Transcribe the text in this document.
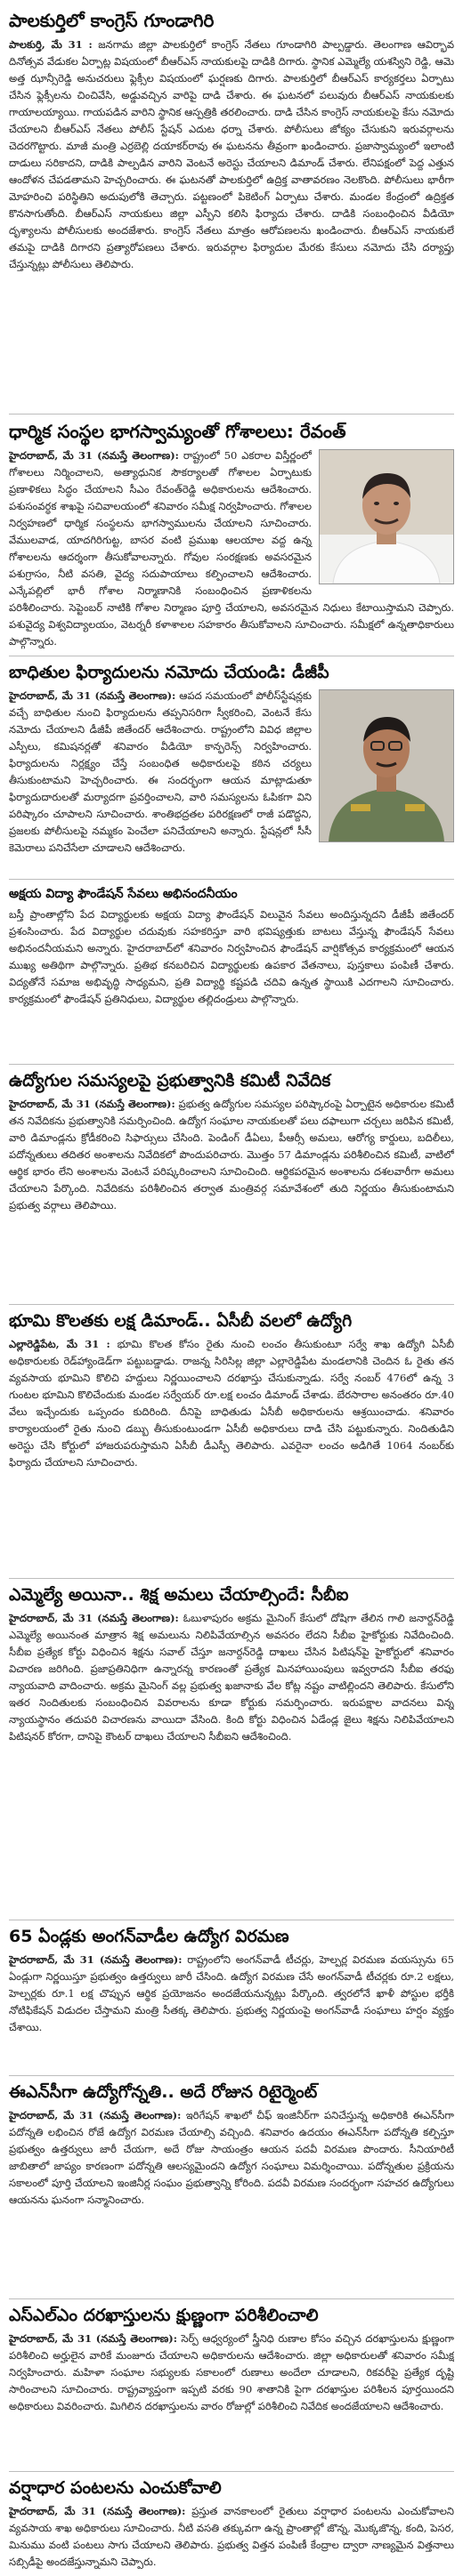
పాలకుర్తిలో కాంగ్రెస్ గూండాగిరి

పాలకుర్తి, మే 31 : జనగామ జిల్లా పాలకుర్తిలో కాంగ్రెస్ నేతలు గూండాగిరి పాల్పడ్డారు. తెలంగాణ ఆవిర్భావ దినోత్సవ వేడుకల ఏర్పాట్ల విషయంలో బీఆర్‌ఎస్ నాయకులపై దాడికి దిగారు. స్థానిక ఎమ్మెల్యే యశస్విని రెడ్డి, ఆమె అత్త ఝాన్సీరెడ్డి అనుచరులు ఫ్లెక్సీల విషయంలో ఘర్షణకు దిగారు. పాలకుర్తిలో బీఆర్‌ఎస్ కార్యకర్తలు ఏర్పాటు చేసిన ఫ్లెక్సీలను చించివేసి, అడ్డువచ్చిన వారిపై దాడి చేశారు. ఈ ఘటనలో పలువురు బీఆర్‌ఎస్ నాయకులకు గాయాలయ్యాయి. గాయపడిన వారిని స్థానిక ఆస్పత్రికి తరలించారు. దాడి చేసిన కాంగ్రెస్ నాయకులపై కేసు నమోదు చేయాలని బీఆర్‌ఎస్ నేతలు పోలీస్ స్టేషన్ ఎదుట ధర్నా చేశారు. పోలీసులు జోక్యం చేసుకుని ఇరువర్గాలను చెదరగొట్టారు. మాజీ మంత్రి ఎర్రబెల్లి దయాకర్‌రావు ఈ ఘటనను తీవ్రంగా ఖండించారు. ప్రజాస్వామ్యంలో ఇలాంటి దాడులు సరికాదని, దాడికి పాల్పడిన వారిని వెంటనే అరెస్టు చేయాలని డిమాండ్ చేశారు. లేనిపక్షంలో పెద్ద ఎత్తున ఆందోళన చేపడతామని హెచ్చరించారు. ఈ ఘటనతో పాలకుర్తిలో ఉద్రిక్త వాతావరణం నెలకొంది. పోలీసులు భారీగా మోహరించి పరిస్థితిని అదుపులోకి తెచ్చారు. పట్టణంలో పికెటింగ్ ఏర్పాటు చేశారు. మండల కేంద్రంలో ఉద్రిక్తత కొనసాగుతోంది. బీఆర్‌ఎస్ నాయకులు జిల్లా ఎస్పీని కలిసి ఫిర్యాదు చేశారు. దాడికి సంబంధించిన వీడియో దృశ్యాలను పోలీసులకు అందజేశారు. కాంగ్రెస్ నేతలు మాత్రం ఆరోపణలను ఖండించారు. బీఆర్‌ఎస్ నాయకులే తమపై దాడికి దిగారని ప్రత్యారోపణలు చేశారు. ఇరువర్గాల ఫిర్యాదుల మేరకు కేసులు నమోదు చేసి దర్యాప్తు చేస్తున్నట్లు పోలీసులు తెలిపారు.

ధార్మిక సంస్థల భాగస్వామ్యంతో గోశాలలు: రేవంత్

హైదరాబాద్, మే 31 (నమస్తే తెలంగాణ): రాష్ట్రంలో 50 ఎకరాల విస్తీర్ణంలో గోశాలలు నిర్మించాలని, అత్యాధునిక సౌకర్యాలతో గోశాలల ఏర్పాటుకు ప్రణాళికలు సిద్ధం చేయాలని సీఎం రేవంత్‌రెడ్డి అధికారులను ఆదేశించారు. పశుసంవర్ధక శాఖపై సచివాలయంలో శనివారం సమీక్ష నిర్వహించారు. గోశాలల నిర్వహణలో ధార్మిక సంస్థలను భాగస్వాములను చేయాలని సూచించారు. వేములవాడ, యాదగిరిగుట్ట, బాసర వంటి ప్రముఖ ఆలయాల వద్ద ఉన్న గోశాలలను ఆదర్శంగా తీసుకోవాలన్నారు. గోవుల సంరక్షణకు అవసరమైన పశుగ్రాసం, నీటి వసతి, వైద్య సదుపాయాలు కల్పించాలని ఆదేశించారు. ఎన్కేపల్లిలో భారీ గోశాల నిర్మాణానికి సంబంధించిన ప్రణాళికలను పరిశీలించారు. సెప్టెంబర్ నాటికి గోశాల నిర్మాణం పూర్తి చేయాలని, అవసరమైన నిధులు కేటాయిస్తామని చెప్పారు. పశువైద్య విశ్వవిద్యాలయం, వెటర్నరీ కళాశాలల సహకారం తీసుకోవాలని సూచించారు. సమీక్షలో ఉన్నతాధికారులు పాల్గొన్నారు.

బాధితుల ఫిర్యాదులను నమోదు చేయండి: డీజీపీ

హైదరాబాద్, మే 31 (నమస్తే తెలంగాణ): ఆపద సమయంలో పోలీస్‌స్టేషన్లకు వచ్చే బాధితుల నుంచి ఫిర్యాదులను తప్పనిసరిగా స్వీకరించి, వెంటనే కేసు నమోదు చేయాలని డీజీపీ జితేందర్ ఆదేశించారు. రాష్ట్రంలోని వివిధ జిల్లాల ఎస్పీలు, కమిషనర్లతో శనివారం వీడియో కాన్ఫరెన్స్ నిర్వహించారు. ఫిర్యాదులను నిర్లక్ష్యం చేస్తే సంబంధిత అధికారులపై కఠిన చర్యలు తీసుకుంటామని హెచ్చరించారు. ఈ సందర్భంగా ఆయన మాట్లాడుతూ ఫిర్యాదుదారులతో మర్యాదగా ప్రవర్తించాలని, వారి సమస్యలను ఓపికగా విని పరిష్కారం చూపాలని సూచించారు. శాంతిభద్రతల పరిరక్షణలో రాజీ పడొద్దని, ప్రజలకు పోలీసులపై నమ్మకం పెంచేలా పనిచేయాలని అన్నారు. స్టేషన్లలో సీసీ కెమెరాలు పనిచేసేలా చూడాలని ఆదేశించారు.

అక్షయ విద్యా ఫౌండేషన్ సేవలు అభినందనీయం

బస్తీ ప్రాంతాల్లోని పేద విద్యార్థులకు అక్షయ విద్యా ఫౌండేషన్ విలువైన సేవలు అందిస్తున్నదని డీజీపీ జితేందర్ ప్రశంసించారు. పేద విద్యార్థుల చదువుకు సహకరిస్తూ వారి భవిష్యత్తుకు బాటలు వేస్తున్న ఫౌండేషన్ సేవలు అభినందనీయమని అన్నారు. హైదరాబాద్‌లో శనివారం నిర్వహించిన ఫౌండేషన్ వార్షికోత్సవ కార్యక్రమంలో ఆయన ముఖ్య అతిథిగా పాల్గొన్నారు. ప్రతిభ కనబరిచిన విద్యార్థులకు ఉపకార వేతనాలు, పుస్తకాలు పంపిణీ చేశారు. విద్యతోనే సమాజ అభివృద్ధి సాధ్యమని, ప్రతి విద్యార్థి కష్టపడి చదివి ఉన్నత స్థాయికి ఎదగాలని సూచించారు. కార్యక్రమంలో ఫౌండేషన్ ప్రతినిధులు, విద్యార్థుల తల్లిదండ్రులు పాల్గొన్నారు.

ఉద్యోగుల సమస్యలపై ప్రభుత్వానికి కమిటీ నివేదిక

హైదరాబాద్, మే 31 (నమస్తే తెలంగాణ): ప్రభుత్వ ఉద్యోగుల సమస్యల పరిష్కారంపై ఏర్పాటైన అధికారుల కమిటీ తన నివేదికను ప్రభుత్వానికి సమర్పించింది. ఉద్యోగ సంఘాల నాయకులతో పలు దఫాలుగా చర్చలు జరిపిన కమిటీ, వారి డిమాండ్లను క్రోడీకరించి సిఫార్సులు చేసింది. పెండింగ్ డీఏలు, పీఆర్సీ అమలు, ఆరోగ్య కార్డులు, బదిలీలు, పదోన్నతులు తదితర అంశాలను నివేదికలో పొందుపరిచారు. మొత్తం 57 డిమాండ్లను పరిశీలించిన కమిటీ, వాటిలో ఆర్థిక భారం లేని అంశాలను వెంటనే పరిష్కరించాలని సూచించింది. ఆర్థికపరమైన అంశాలను దశలవారీగా అమలు చేయాలని పేర్కొంది. నివేదికను పరిశీలించిన తర్వాత మంత్రివర్గ సమావేశంలో తుది నిర్ణయం తీసుకుంటామని ప్రభుత్వ వర్గాలు తెలిపాయి.

భూమి కొలతకు లక్ష డిమాండ్.. ఏసీబీ వలలో ఉద్యోగి

ఎల్లారెడ్డిపేట, మే 31 : భూమి కొలత కోసం రైతు నుంచి లంచం తీసుకుంటూ సర్వే శాఖ ఉద్యోగి ఏసీబీ అధికారులకు రెడ్‌హ్యాండెడ్‌గా పట్టుబడ్డాడు. రాజన్న సిరిసిల్ల జిల్లా ఎల్లారెడ్డిపేట మండలానికి చెందిన ఓ రైతు తన వ్యవసాయ భూమిని కొలిచి హద్దులు నిర్ణయించాలని దరఖాస్తు చేసుకున్నాడు. సర్వే నంబర్ 476లో ఉన్న 3 గుంటల భూమిని కొలిచేందుకు మండల సర్వేయర్ రూ.లక్ష లంచం డిమాండ్ చేశాడు. బేరసారాల అనంతరం రూ.40 వేలు ఇచ్చేందుకు ఒప్పందం కుదిరింది. దీనిపై బాధితుడు ఏసీబీ అధికారులను ఆశ్రయించాడు. శనివారం కార్యాలయంలో రైతు నుంచి డబ్బు తీసుకుంటుండగా ఏసీబీ అధికారులు దాడి చేసి పట్టుకున్నారు. నిందితుడిని అరెస్టు చేసి కోర్టులో హాజరుపరుస్తామని ఏసీబీ డీఎస్పీ తెలిపారు. ఎవరైనా లంచం అడిగితే 1064 నంబర్‌కు ఫిర్యాదు చేయాలని సూచించారు.

ఎమ్మెల్యే అయినా.. శిక్ష అమలు చేయాల్సిందే: సీబీఐ

హైదరాబాద్, మే 31 (నమస్తే తెలంగాణ): ఓబుళాపురం అక్రమ మైనింగ్ కేసులో దోషిగా తేలిన గాలి జనార్దన్‌రెడ్డి ఎమ్మెల్యే అయినంత మాత్రాన శిక్ష అమలును నిలిపివేయాల్సిన అవసరం లేదని సీబీఐ హైకోర్టుకు నివేదించింది. సీబీఐ ప్రత్యేక కోర్టు విధించిన శిక్షను సవాల్ చేస్తూ జనార్దన్‌రెడ్డి దాఖలు చేసిన పిటిషన్‌పై హైకోర్టులో శనివారం విచారణ జరిగింది. ప్రజాప్రతినిధిగా ఉన్నారన్న కారణంతో ప్రత్యేక మినహాయింపులు ఇవ్వరాదని సీబీఐ తరఫు న్యాయవాది వాదించారు. అక్రమ మైనింగ్ వల్ల ప్రభుత్వ ఖజానాకు వేల కోట్ల నష్టం వాటిల్లిందని తెలిపారు. కేసులోని ఇతర నిందితులకు సంబంధించిన వివరాలను కూడా కోర్టుకు సమర్పించారు. ఇరుపక్షాల వాదనలు విన్న న్యాయస్థానం తదుపరి విచారణను వాయిదా వేసింది. కింది కోర్టు విధించిన ఏడేండ్ల జైలు శిక్షను నిలిపివేయాలని పిటిషనర్ కోరగా, దానిపై కౌంటర్ దాఖలు చేయాలని సీబీఐని ఆదేశించింది.

65 ఏండ్లకు అంగన్‌వాడీల ఉద్యోగ విరమణ

హైదరాబాద్, మే 31 (నమస్తే తెలంగాణ): రాష్ట్రంలోని అంగన్‌వాడీ టీచర్లు, హెల్పర్ల విరమణ వయస్సును 65 ఏండ్లుగా నిర్ణయిస్తూ ప్రభుత్వం ఉత్తర్వులు జారీ చేసింది. ఉద్యోగ విరమణ చేసే అంగన్‌వాడీ టీచర్లకు రూ.2 లక్షలు, హెల్పర్లకు రూ.1 లక్ష చొప్పున ఆర్థిక ప్రయోజనం అందజేయనున్నట్లు పేర్కొంది. త్వరలోనే ఖాళీ పోస్టుల భర్తీకి నోటిఫికేషన్ విడుదల చేస్తామని మంత్రి సీతక్క తెలిపారు. ప్రభుత్వ నిర్ణయంపై అంగన్‌వాడీ సంఘాలు హర్షం వ్యక్తం చేశాయి.

ఈఎన్‌సీగా ఉద్యోగోన్నతి.. అదే రోజున రిటైర్మెంట్

హైదరాబాద్, మే 31 (నమస్తే తెలంగాణ): ఇరిగేషన్ శాఖలో చీఫ్ ఇంజినీర్‌గా పనిచేస్తున్న అధికారికి ఈఎన్‌సీగా పదోన్నతి లభించిన రోజే ఉద్యోగ విరమణ చేయాల్సి వచ్చింది. శనివారం ఉదయం ఈఎన్‌సీగా పదోన్నతి కల్పిస్తూ ప్రభుత్వం ఉత్తర్వులు జారీ చేయగా, అదే రోజు సాయంత్రం ఆయన పదవీ విరమణ పొందారు. సీనియారిటీ జాబితాలో జాప్యం కారణంగా పదోన్నతి ఆలస్యమైందని ఉద్యోగ సంఘాలు విమర్శించాయి. పదోన్నతుల ప్రక్రియను సకాలంలో పూర్తి చేయాలని ఇంజినీర్ల సంఘం ప్రభుత్వాన్ని కోరింది. పదవీ విరమణ సందర్భంగా సహచర ఉద్యోగులు ఆయనను ఘనంగా సన్మానించారు.

ఎస్‌ఎల్‌ఎం దరఖాస్తులను క్షుణ్ణంగా పరిశీలించాలి

హైదరాబాద్, మే 31 (నమస్తే తెలంగాణ): సెర్ప్ ఆధ్వర్యంలో స్త్రీనిధి రుణాల కోసం వచ్చిన దరఖాస్తులను క్షుణ్ణంగా పరిశీలించి అర్హులైన వారికే మంజూరు చేయాలని అధికారులను ఆదేశించారు. జిల్లా అధికారులతో శనివారం సమీక్ష నిర్వహించారు. మహిళా సంఘాల సభ్యులకు సకాలంలో రుణాలు అందేలా చూడాలని, రికవరీపై ప్రత్యేక దృష్టి సారించాలని సూచించారు. రాష్ట్రవ్యాప్తంగా ఇప్పటి వరకు 90 శాతానికి పైగా దరఖాస్తుల పరిశీలన పూర్తయిందని అధికారులు వివరించారు. మిగిలిన దరఖాస్తులను వారం రోజుల్లో పరిశీలించి నివేదిక అందజేయాలని ఆదేశించారు.

వర్షాధార పంటలను ఎంచుకోవాలి

హైదరాబాద్, మే 31 (నమస్తే తెలంగాణ): ప్రస్తుత వానకాలంలో రైతులు వర్షాధార పంటలను ఎంచుకోవాలని వ్యవసాయ శాఖ అధికారులు సూచించారు. నీటి వసతి తక్కువగా ఉన్న ప్రాంతాల్లో జొన్న, మొక్కజొన్న, కంది, పెసర, మినుము వంటి పంటలు సాగు చేయాలని తెలిపారు. ప్రభుత్వ విత్తన పంపిణీ కేంద్రాల ద్వారా నాణ్యమైన విత్తనాలు సబ్సిడీపై అందజేస్తున్నామని చెప్పారు.
